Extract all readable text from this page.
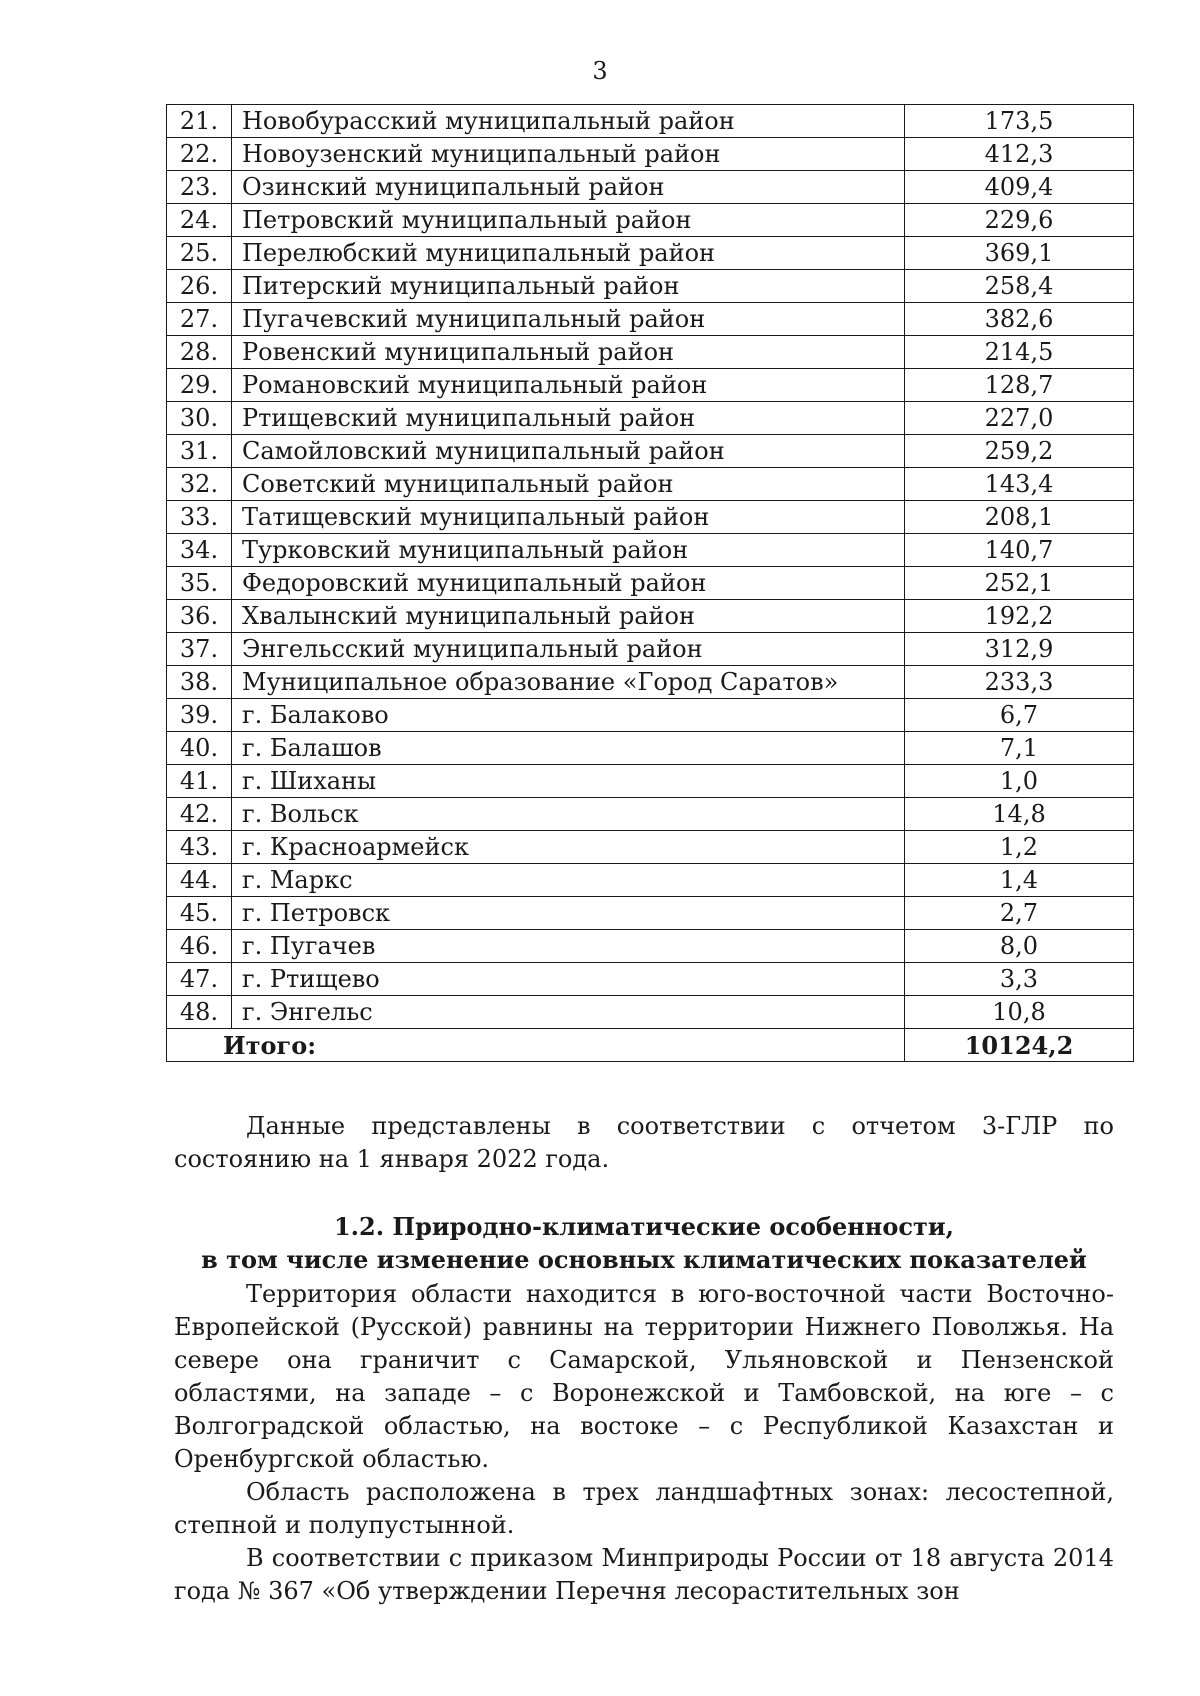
3
21.	Новобурасский муниципальный район	173,5
22.	Новоузенский муниципальный район	412,3
23.	Озинский муниципальный район	409,4
24.	Петровский муниципальный район	229,6
25.	Перелюбский муниципальный район	369,1
26.	Питерский муниципальный район	258,4
27.	Пугачевский муниципальный район	382,6
28.	Ровенский муниципальный район	214,5
29.	Романовский муниципальный район	128,7
30.	Ртищевский муниципальный район	227,0
31.	Самойловский муниципальный район	259,2
32.	Советский муниципальный район	143,4
33.	Татищевский муниципальный район	208,1
34.	Турковский муниципальный район	140,7
35.	Федоровский муниципальный район	252,1
36.	Хвалынский муниципальный район	192,2
37.	Энгельсский муниципальный район	312,9
38.	Муниципальное образование «Город Саратов»	233,3
39.	г. Балаково	6,7
40.	г. Балашов	7,1
41.	г. Шиханы	1,0
42.	г. Вольск	14,8
43.	г. Красноармейск	1,2
44.	г. Маркс	1,4
45.	г. Петровск	2,7
46.	г. Пугачев	8,0
47.	г. Ртищево	3,3
48.	г. Энгельс	10,8
Итого:		10124,2

Данные представлены в соответствии с отчетом 3-ГЛР по состоянию на 1 января 2022 года.

1.2. Природно-климатические особенности,
в том числе изменение основных климатических показателей

Территория области находится в юго-восточной части Восточно-Европейской (Русской) равнины на территории Нижнего Поволжья. На севере она граничит с Самарской, Ульяновской и Пензенской областями, на западе – с Воронежской и Тамбовской, на юге – с Волгоградской областью, на востоке – с Республикой Казахстан и Оренбургской областью.

Область расположена в трех ландшафтных зонах: лесостепной, степной и полупустынной.

В соответствии с приказом Минприроды России от 18 августа 2014 года № 367 «Об утверждении Перечня лесорастительных зон
